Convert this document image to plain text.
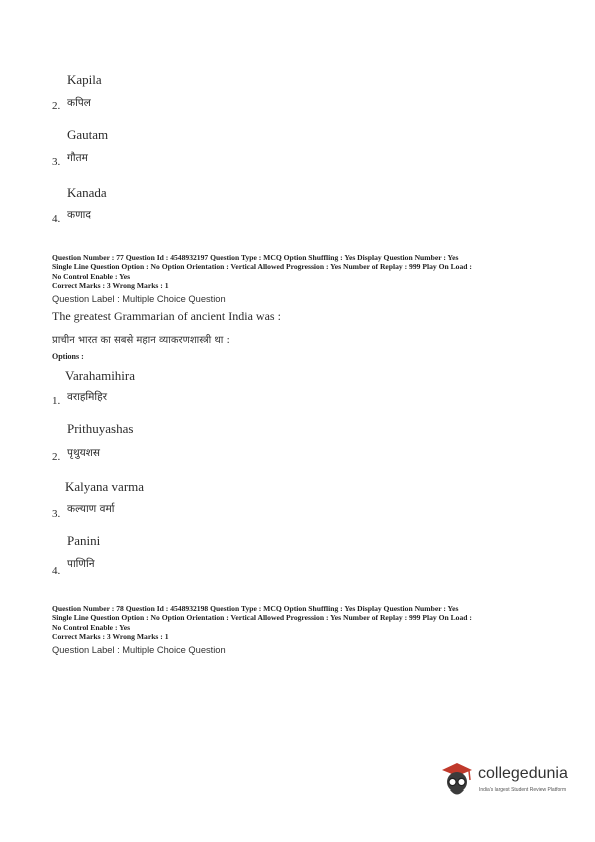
Kapila
2. कपिल
Gautam
3. गौतम
Kanada
4. कणाद
Question Number : 77 Question Id : 4548932197 Question Type : MCQ Option Shuffling : Yes Display Question Number : Yes
Single Line Question Option : No Option Orientation : Vertical Allowed Progression : Yes Number of Replay : 999 Play On Load :
No Control Enable : Yes
Correct Marks : 3 Wrong Marks : 1
Question Label : Multiple Choice Question
The greatest Grammarian of ancient India was :
प्राचीन भारत का सबसे महान व्याकरणशास्त्री था :
Options :
Varahamihira
1. वराहमिहिर
Prithuyashas
2. पृथुयशस
Kalyana varma
3. कल्याण वर्मा
Panini
4.
पाणिनि
Question Number : 78 Question Id : 4548932198 Question Type : MCQ Option Shuffling : Yes Display Question Number : Yes
Single Line Question Option : No Option Orientation : Vertical Allowed Progression : Yes Number of Replay : 999 Play On Load :
No Control Enable : Yes
Correct Marks : 3 Wrong Marks : 1
Question Label : Multiple Choice Question
collegedunia
India's largest Student Review Platform
